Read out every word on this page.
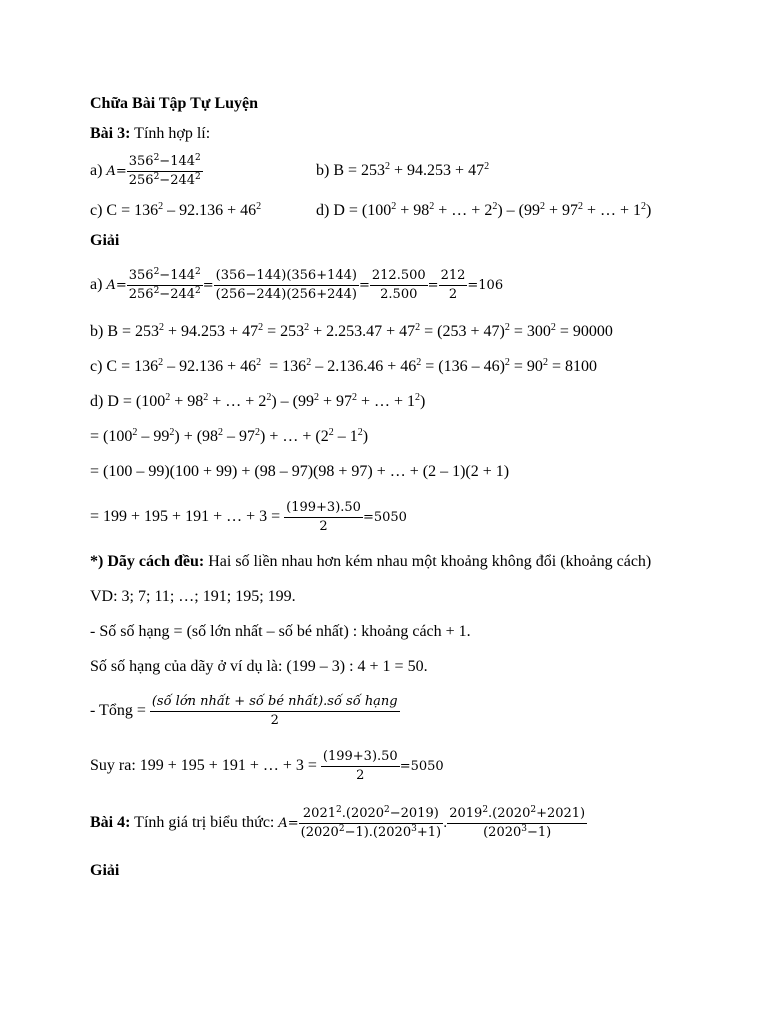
Chữa Bài Tập Tự Luyện
Bài 3: Tính hợp lí:
a) $A= \frac{356^2-144^2}{256^2-244^2}$	b) $B = 253^2 + 94.253 + 47^2$
c) $C = 136^2 - 92.136 + 46^2$	d) $D = (100^2 + 98^2$ + … + $2^2) - (99^2 + 97^2$ + … + $1^2$)
Giải
a) $A= \frac{356^2-144^2}{256^2-244^2} = \frac{(356-144)(356+144)}{(256-244)(256+244)} = \frac{212.500}{2.500} = \frac{212}{2} =106$
b) $B = 253^2 + 94.253 + 47^2 = 253^2 + 2.253.47 + 47^2 = (253 + 47)^2 = 300^2 = 90000$
c) $C = 136^2 - 92.136 + 46^2 = 136^2 - 2.136.46 + 46^2 = (136 - 46)^2 = 90^2 = 8100$
d) $D = (100^2 + 98^2$ + … + $2^2) - (99^2 + 97^2$ + … + $1^2$)
= $(100^2 - 99^2) + (98^2 - 97^2)$ + … + $(2^2 - 1^2)$
= (100 – 99)(100 + 99) + (98 – 97)(98 + 97) + … + (2 – 1)(2 + 1)
= 199 + 195 + 191 + … + $3 = \frac{(199+3).50}{2} =5050$
*) Dãy cách đều: Hai số liền nhau hơn kém nhau một khoảng không đổi (khoảng cách)
VD: 3; 7; 11; …; 191; 195; 199.
- Số số hạng = (số lớn nhất – số bé nhất) : khoảng cách + 1.
Số số hạng của dãy ở ví dụ là: (199 – 3) : 4 + 1 = 50.
- Tổng = $\frac{\text{(số lớn nhất + số bé nhất).số số hạng}}{2}$
Suy ra: 199 + 195 + 191 + … + $3 = \frac{(199+3).50}{2} =5050$
Bài 4: Tính giá trị biểu thức: $A= \frac{2021^2.(2020^2-2019)}{(2020^2-1).(2020^3+1)}$ . $\frac{2019^2.(2020^2+2021)}{(2020^3-1)}$
Giải
